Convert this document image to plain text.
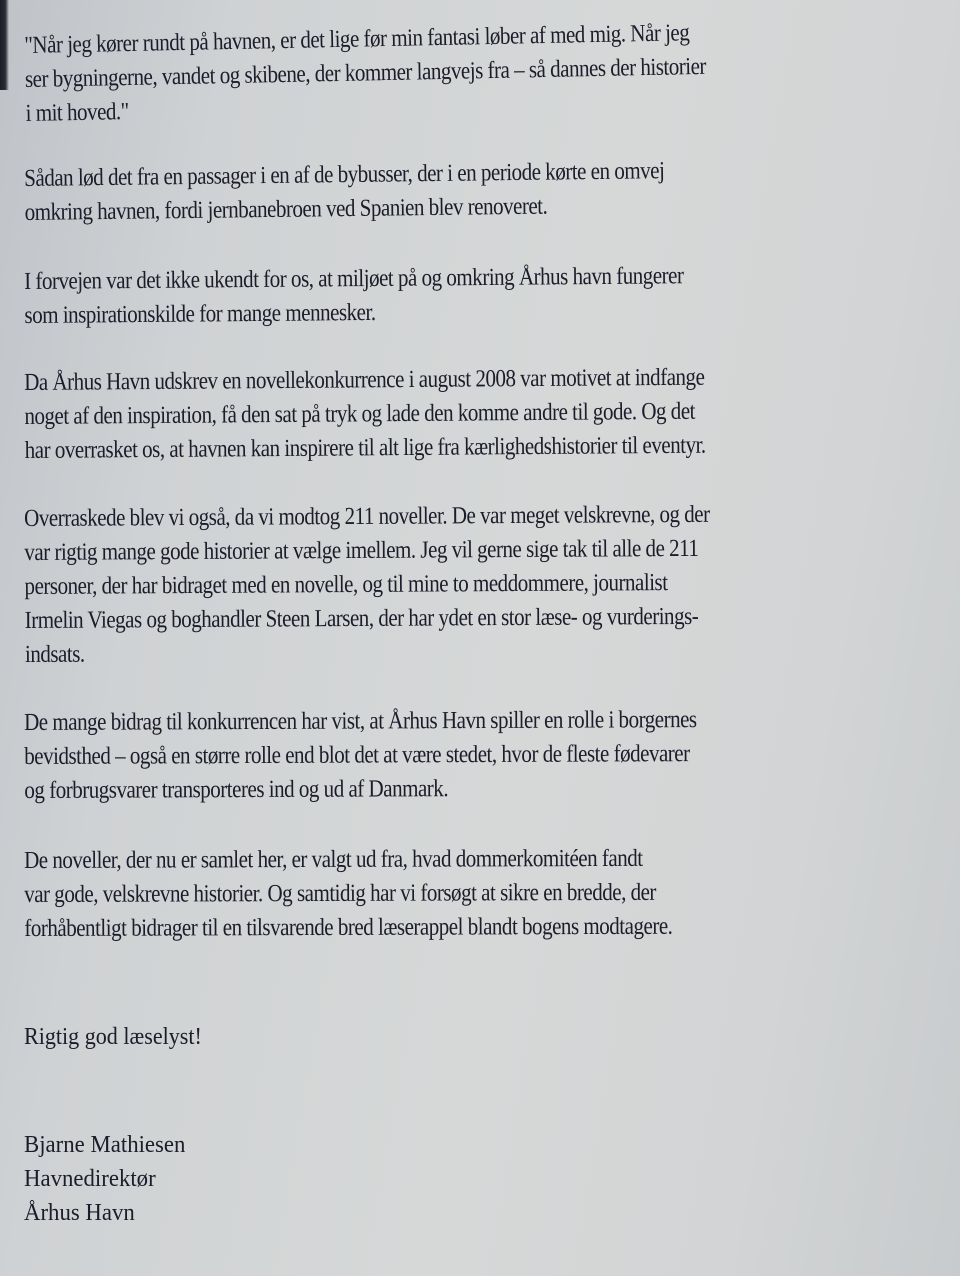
"Når jeg kører rundt på havnen, er det lige før min fantasi løber af med mig. Når jeg
ser bygningerne, vandet og skibene, der kommer langvejs fra – så dannes der historier
i mit hoved."
Sådan lød det fra en passager i en af de bybusser, der i en periode kørte en omvej
omkring havnen, fordi jernbanebroen ved Spanien blev renoveret.
I forvejen var det ikke ukendt for os, at miljøet på og omkring Århus havn fungerer
som inspirationskilde for mange mennesker.
Da Århus Havn udskrev en novellekonkurrence i august 2008 var motivet at indfange
noget af den inspiration, få den sat på tryk og lade den komme andre til gode. Og det
har overrasket os, at havnen kan inspirere til alt lige fra kærlighedshistorier til eventyr.
Overraskede blev vi også, da vi modtog 211 noveller. De var meget velskrevne, og der
var rigtig mange gode historier at vælge imellem. Jeg vil gerne sige tak til alle de 211
personer, der har bidraget med en novelle, og til mine to meddommere, journalist
Irmelin Viegas og boghandler Steen Larsen, der har ydet en stor læse- og vurderings-
indsats.
De mange bidrag til konkurrencen har vist, at Århus Havn spiller en rolle i borgernes
bevidsthed – også en større rolle end blot det at være stedet, hvor de fleste fødevarer
og forbrugsvarer transporteres ind og ud af Danmark.
De noveller, der nu er samlet her, er valgt ud fra, hvad dommerkomitéen fandt
var gode, velskrevne historier. Og samtidig har vi forsøgt at sikre en bredde, der
forhåbentligt bidrager til en tilsvarende bred læserappel blandt bogens modtagere.
Rigtig god læselyst!
Bjarne Mathiesen
Havnedirektør
Århus Havn
